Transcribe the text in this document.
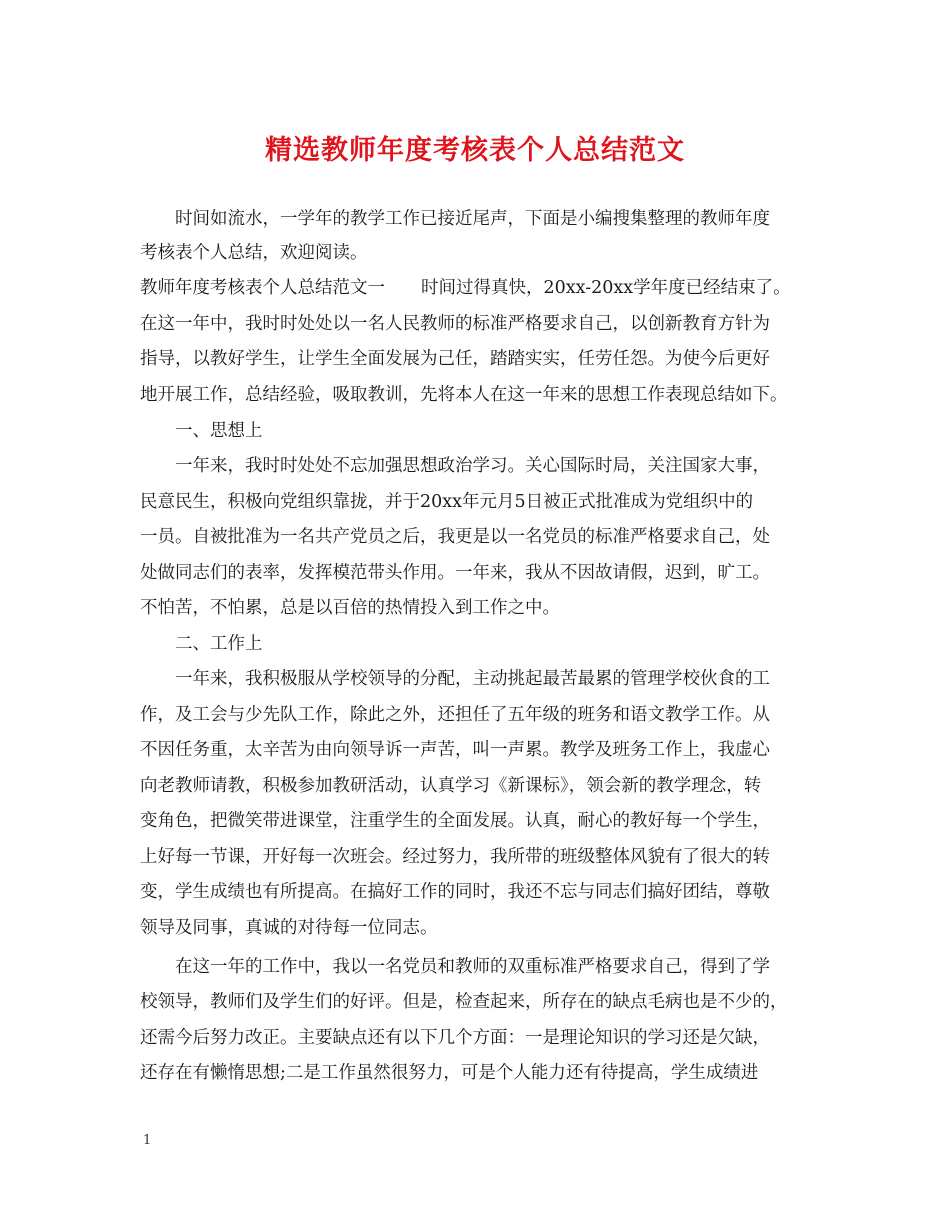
精选教师年度考核表个人总结范文

　　时间如流水，一学年的教学工作已接近尾声，下面是小编搜集整理的教师年度

考核表个人总结，欢迎阅读。

教师年度考核表个人总结范文一 时间过得真快，20xx-20xx学年度已经结束了。

在这一年中，我时时处处以一名人民教师的标准严格要求自己，以创新教育方针为

指导，以教好学生，让学生全面发展为己任，踏踏实实，任劳任怨。为使今后更好

地开展工作，总结经验，吸取教训，先将本人在这一年来的思想工作表现总结如下。

　　一、思想上

　　一年来，我时时处处不忘加强思想政治学习。关心国际时局，关注国家大事，

民意民生，积极向党组织靠拢，并于20xx年元月5日被正式批准成为党组织中的

一员。自被批准为一名共产党员之后，我更是以一名党员的标准严格要求自己，处

处做同志们的表率，发挥模范带头作用。一年来，我从不因故请假，迟到，旷工。

不怕苦，不怕累，总是以百倍的热情投入到工作之中。

　　二、工作上

　　一年来，我积极服从学校领导的分配，主动挑起最苦最累的管理学校伙食的工

作，及工会与少先队工作，除此之外，还担任了五年级的班务和语文教学工作。从

不因任务重，太辛苦为由向领导诉一声苦，叫一声累。教学及班务工作上，我虚心

向老教师请教，积极参加教研活动，认真学习《新课标》，领会新的教学理念，转

变角色，把微笑带进课堂，注重学生的全面发展。认真，耐心的教好每一个学生，

上好每一节课，开好每一次班会。经过努力，我所带的班级整体风貌有了很大的转

变，学生成绩也有所提高。在搞好工作的同时，我还不忘与同志们搞好团结，尊敬

领导及同事，真诚的对待每一位同志。

　　在这一年的工作中，我以一名党员和教师的双重标准严格要求自己，得到了学

校领导，教师们及学生们的好评。但是，检查起来，所存在的缺点毛病也是不少的，

还需今后努力改正。主要缺点还有以下几个方面：一是理论知识的学习还是欠缺，

还存在有懒惰思想;二是工作虽然很努力，可是个人能力还有待提高，学生成绩进

1
